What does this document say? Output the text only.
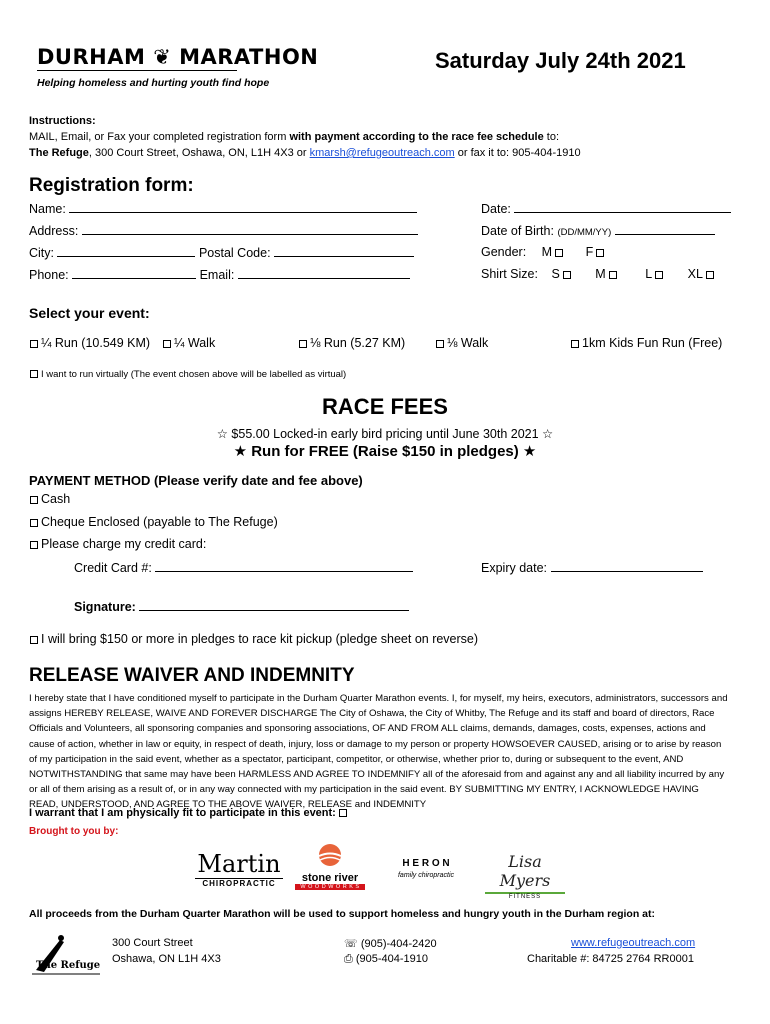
DURHAM ❦ MARATHON
Helping homeless and hurting youth find hope
Saturday July 24th 2021
Instructions:
MAIL, Email, or Fax your completed registration form with payment according to the race fee schedule to:
The Refuge, 300 Court Street, Oshawa, ON, L1H 4X3 or kmarsh@refugeoutreach.com or fax it to: 905-404-1910
Registration form:
Name:	Date:
Address:	Date of Birth: (DD/MM/YY)
City:	Postal Code:	Gender: M	F
Phone:	Email:	Shirt Size: S	M	L	XL
Select your event:
¼ Run (10.549 KM)	¼ Walk	⅛ Run (5.27 KM)	⅛ Walk	1km Kids Fun Run (Free)
I want to run virtually (The event chosen above will be labelled as virtual)
RACE FEES
☆ $55.00 Locked-in early bird pricing until June 30th 2021 ☆
★ Run for FREE (Raise $150 in pledges) ★
PAYMENT METHOD (Please verify date and fee above)
Cash
Cheque Enclosed (payable to The Refuge)
Please charge my credit card:
Credit Card #:	Expiry date:
Signature:
I will bring $150 or more in pledges to race kit pickup (pledge sheet on reverse)
RELEASE WAIVER AND INDEMNITY
I hereby state that I have conditioned myself to participate in the Durham Quarter Marathon events. I, for myself, my heirs, executors, administrators, successors and assigns HEREBY RELEASE, WAIVE AND FOREVER DISCHARGE The City of Oshawa, the City of Whitby, The Refuge and its staff and board of directors, Race Officials and Volunteers, all sponsoring companies and sponsoring associations, OF AND FROM ALL claims, demands, damages, costs, expenses, actions and cause of action, whether in law or equity, in respect of death, injury, loss or damage to my person or property HOWSOEVER CAUSED, arising or to arise by reason of my participation in the said event, whether as a spectator, participant, competitor, or otherwise, whether prior to, during or subsequent to the event, AND NOTWITHSTANDING that same may have been HARMLESS AND AGREE TO INDEMNIFY all of the aforesaid from and against any and all liability incurred by any or all of them arising as a result of, or in any way connected with my participation in the said event. BY SUBMITTING MY ENTRY, I ACKNOWLEDGE HAVING READ, UNDERSTOOD, AND AGREE TO THE ABOVE WAIVER, RELEASE and INDEMNITY
I warrant that I am physically fit to participate in this event:
Brought to you by:
Martin
CHIROPRACTIC	stone river
W O O D W O R K S
H E R O N
family chiropractic
Lisa Myers
FITNESS
All proceeds from the Durham Quarter Marathon will be used to support homeless and hungry youth in the Durham region at:
The Refuge
300 Court Street
Oshawa, ON L1H 4X3
☏ (905)-404-2420
⎙ (905-404-1910
www.refugeoutreach.com
Charitable #: 84725 2764 RR0001
